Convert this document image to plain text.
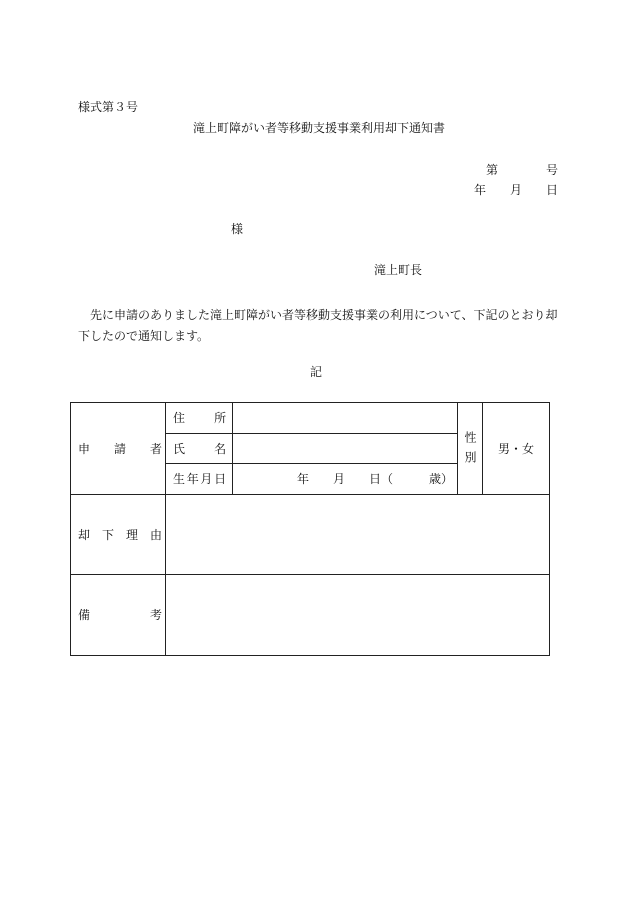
様式第３号
滝上町障がい者等移動支援事業利用却下通知書
第　　　　号
年　　月　　日
様
滝上町長
　先に申請のありました滝上町障がい者等移動支援事業の利用について、下記のとおり却
下したので通知します。
記
申　　請　　者	住　　所		性別	男・女
	氏　　名			
	生年月日	年　　月　　日（　　　歳）		
却　下　理　由				
備　　　　　考				
